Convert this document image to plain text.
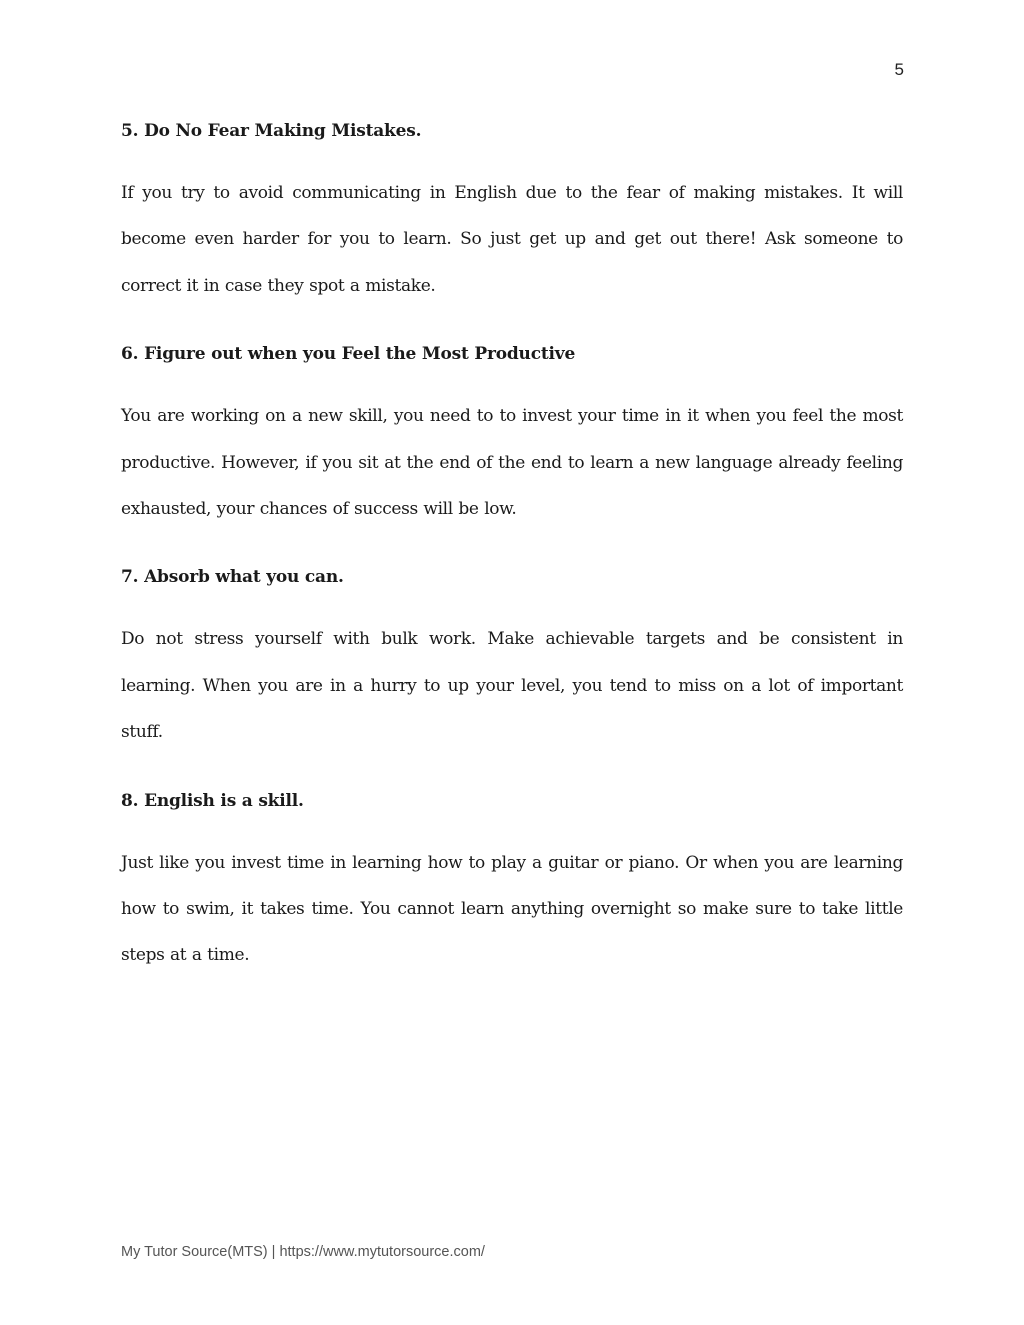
5

5. Do No Fear Making Mistakes.

If you try to avoid communicating in English due to the fear of making mistakes. It will become even harder for you to learn. So just get up and get out there! Ask someone to correct it in case they spot a mistake.

6. Figure out when you Feel the Most Productive

You are working on a new skill, you need to to invest your time in it when you feel the most productive. However, if you sit at the end of the end to learn a new language already feeling exhausted, your chances of success will be low.

7. Absorb what you can.

Do not stress yourself with bulk work. Make achievable targets and be consistent in learning. When you are in a hurry to up your level, you tend to miss on a lot of important stuff.

8. English is a skill.

Just like you invest time in learning how to play a guitar or piano. Or when you are learning how to swim, it takes time. You cannot learn anything overnight so make sure to take little steps at a time.

My Tutor Source(MTS) | https://www.mytutorsource.com/
